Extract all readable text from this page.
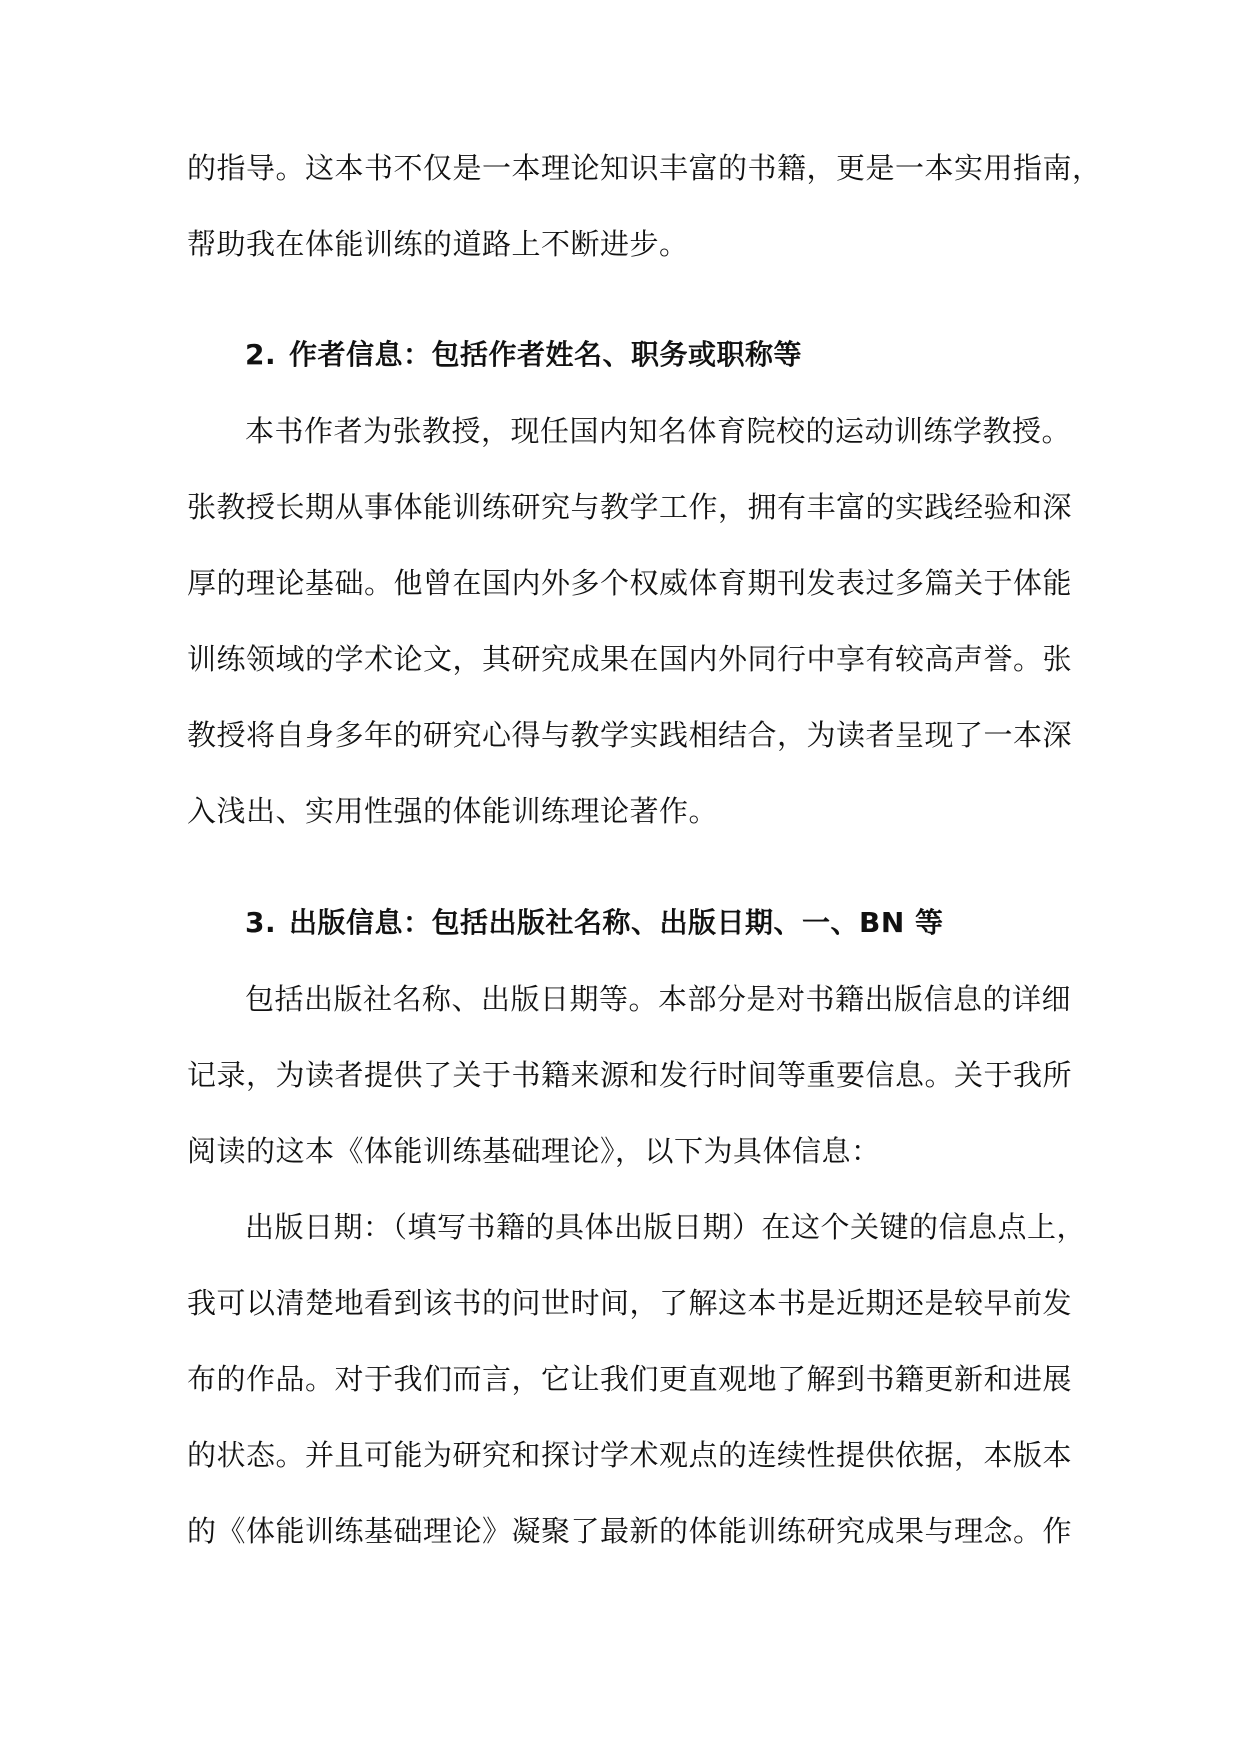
的指导。这本书不仅是一本理论知识丰富的书籍，更是一本实用指南，
帮助我在体能训练的道路上不断进步。
2. 作者信息：包括作者姓名、职务或职称等
本书作者为张教授，现任国内知名体育院校的运动训练学教授。
张教授长期从事体能训练研究与教学工作，拥有丰富的实践经验和深
厚的理论基础。他曾在国内外多个权威体育期刊发表过多篇关于体能
训练领域的学术论文，其研究成果在国内外同行中享有较高声誉。张
教授将自身多年的研究心得与教学实践相结合，为读者呈现了一本深
入浅出、实用性强的体能训练理论著作。
3. 出版信息：包括出版社名称、出版日期、一、BN 等
包括出版社名称、出版日期等。本部分是对书籍出版信息的详细
记录，为读者提供了关于书籍来源和发行时间等重要信息。关于我所
阅读的这本《体能训练基础理论》，以下为具体信息：
出版日期：（填写书籍的具体出版日期）在这个关键的信息点上，
我可以清楚地看到该书的问世时间，了解这本书是近期还是较早前发
布的作品。对于我们而言，它让我们更直观地了解到书籍更新和进展
的状态。并且可能为研究和探讨学术观点的连续性提供依据，本版本
的《体能训练基础理论》凝聚了最新的体能训练研究成果与理念。作
